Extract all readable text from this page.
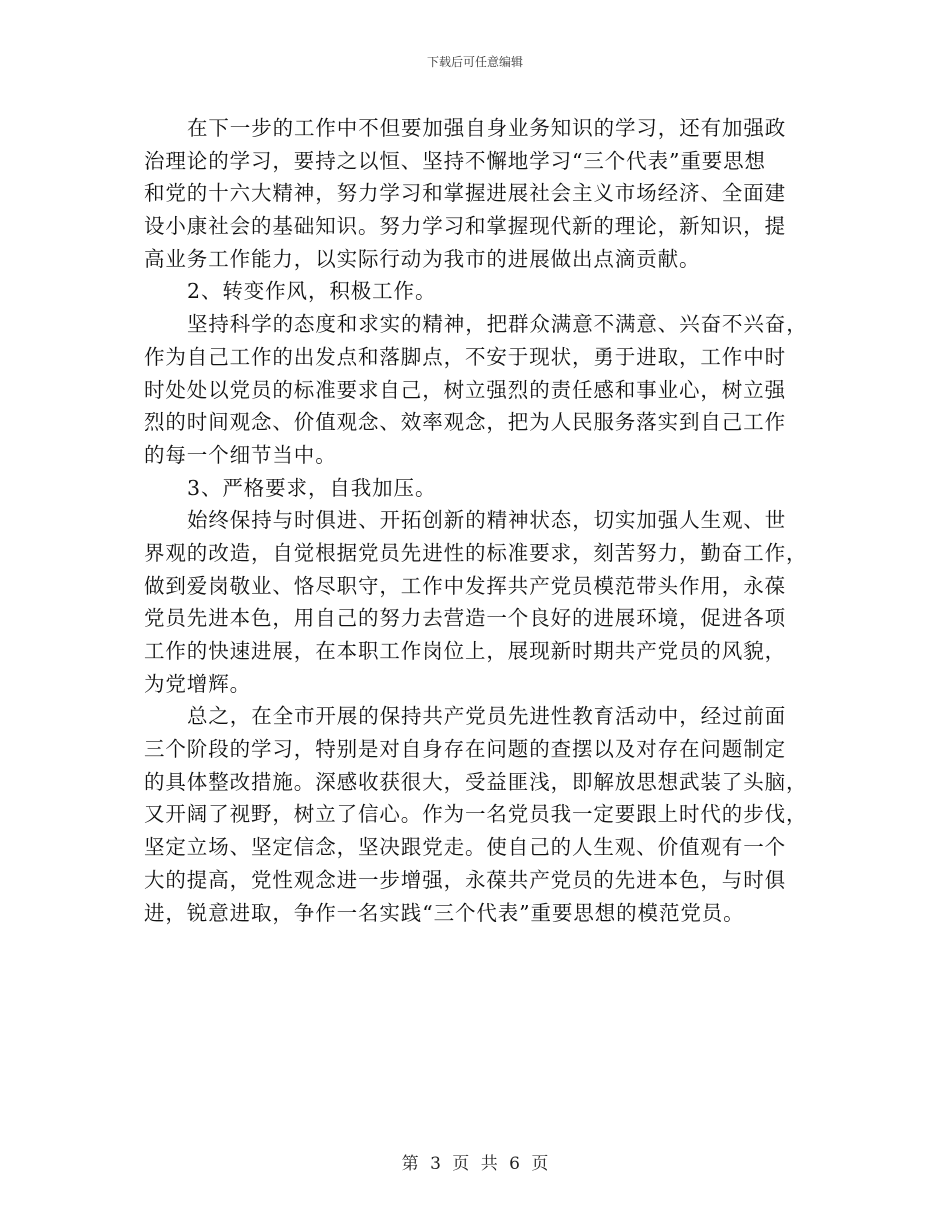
下载后可任意编辑
在下一步的工作中不但要加强自身业务知识的学习，还有加强政
治理论的学习，要持之以恒、坚持不懈地学习“三个代表”重要思想
和党的十六大精神，努力学习和掌握进展社会主义市场经济、全面建
设小康社会的基础知识。努力学习和掌握现代新的理论，新知识，提
高业务工作能力，以实际行动为我市的进展做出点滴贡献。
2、转变作风，积极工作。
坚持科学的态度和求实的精神，把群众满意不满意、兴奋不兴奋，
作为自己工作的出发点和落脚点，不安于现状，勇于进取，工作中时
时处处以党员的标准要求自己，树立强烈的责任感和事业心，树立强
烈的时间观念、价值观念、效率观念，把为人民服务落实到自己工作
的每一个细节当中。
3、严格要求，自我加压。
始终保持与时俱进、开拓创新的精神状态，切实加强人生观、世
界观的改造，自觉根据党员先进性的标准要求，刻苦努力，勤奋工作，
做到爱岗敬业、恪尽职守，工作中发挥共产党员模范带头作用，永葆
党员先进本色，用自己的努力去营造一个良好的进展环境，促进各项
工作的快速进展，在本职工作岗位上，展现新时期共产党员的风貌，
为党增辉。
总之，在全市开展的保持共产党员先进性教育活动中，经过前面
三个阶段的学习，特别是对自身存在问题的查摆以及对存在问题制定
的具体整改措施。深感收获很大，受益匪浅，即解放思想武装了头脑，
又开阔了视野，树立了信心。作为一名党员我一定要跟上时代的步伐，
坚定立场、坚定信念，坚决跟党走。使自己的人生观、价值观有一个
大的提高，党性观念进一步增强，永葆共产党员的先进本色，与时俱
进，锐意进取，争作一名实践“三个代表”重要思想的模范党员。
第 3 页 共 6 页
